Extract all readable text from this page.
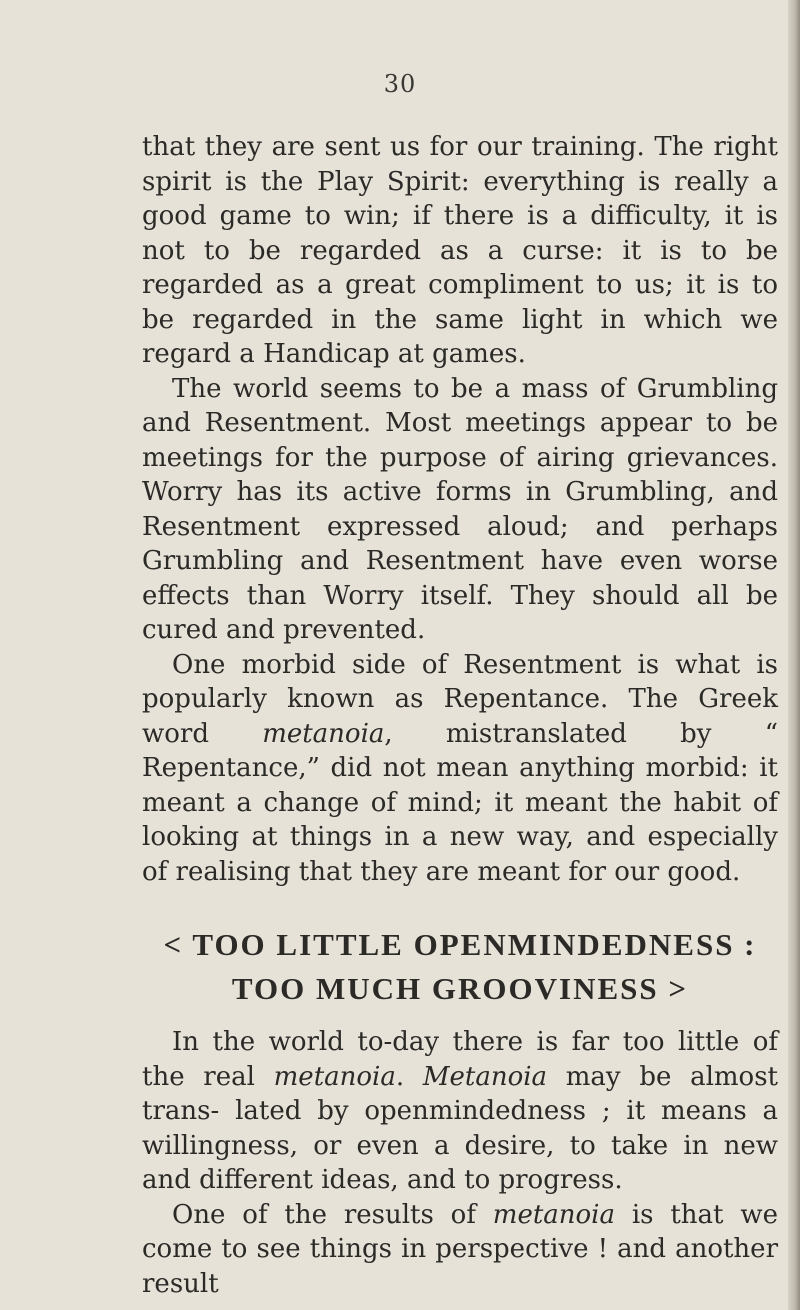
30

that they are sent us for our training. The right spirit is the Play Spirit: everything is really a good game to win; if there is a difficulty, it is not to be regarded as a curse: it is to be regarded as a great compliment to us; it is to be regarded in the same light in which we regard a Handicap at games.

The world seems to be a mass of Grumbling and Resentment. Most meetings appear to be meetings for the purpose of airing grievances. Worry has its active forms in Grumbling, and Resentment expressed aloud; and perhaps Grumbling and Resentment have even worse effects than Worry itself. They should all be cured and prevented.

One morbid side of Resentment is what is popularly known as Repentance. The Greek word metanoia, mistranslated by “ Repentance,” did not mean anything morbid: it meant a change of mind; it meant the habit of looking at things in a new way, and especially of realising that they are meant for our good.

< TOO LITTLE OPENMINDEDNESS :
TOO MUCH GROOVINESS >

In the world to-day there is far too little of the real metanoia. Metanoia may be almost trans- lated by openmindedness ; it means a willingness, or even a desire, to take in new and different ideas, and to progress.

One of the results of metanoia is that we come to see things in perspective ! and another result
